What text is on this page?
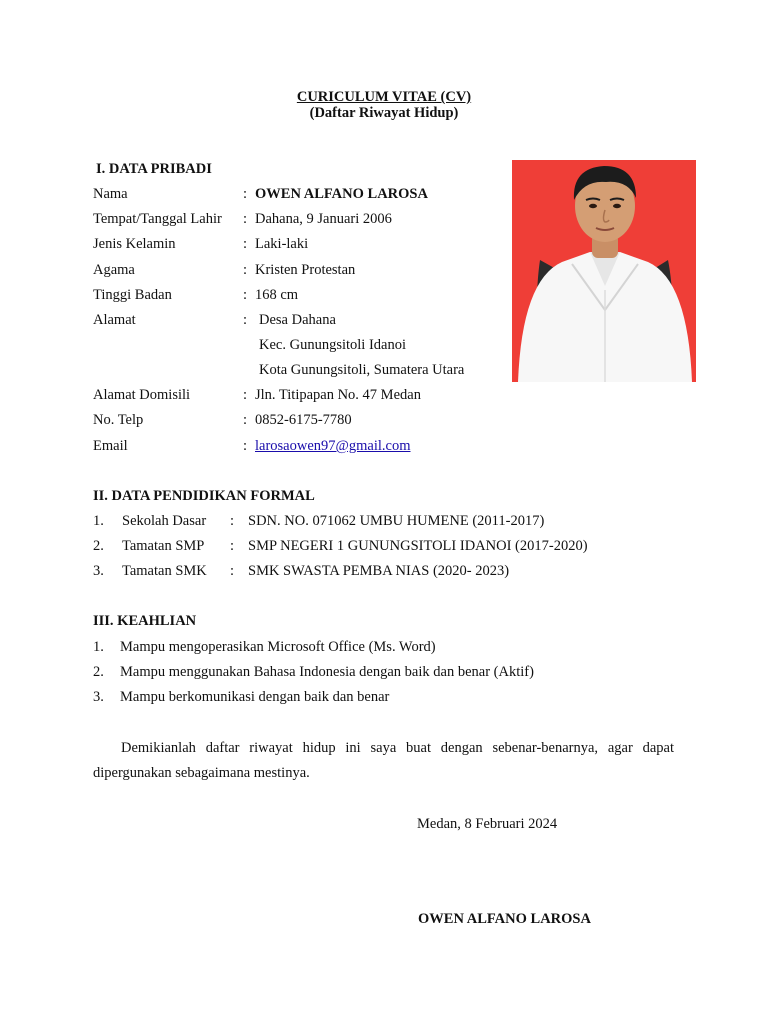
CURICULUM VITAE (CV)
(Daftar Riwayat Hidup)
I. DATA PRIBADI
Nama	: OWEN ALFANO LAROSA
Tempat/Tanggal Lahir : Dahana, 9 Januari 2006
Jenis Kelamin	: Laki-laki
Agama	: Kristen Protestan
Tinggi Badan	: 168 cm
Alamat	: Desa Dahana
Kec. Gunungsitoli Idanoi
Kota Gunungsitoli, Sumatera Utara
Alamat Domisili	: Jln. Titipapan No. 47 Medan
No. Telp	: 0852-6175-7780
Email	: larosaowen97@gmail.com
II. DATA PENDIDIKAN FORMAL
1. Sekolah Dasar : SDN. NO. 071062 UMBU HUMENE (2011-2017)
2. Tamatan SMP : SMP NEGERI 1 GUNUNGSITOLI IDANOI (2017-2020)
3. Tamatan SMK : SMK SWASTA PEMBA NIAS (2020- 2023)
III. KEAHLIAN
1. Mampu mengoperasikan Microsoft Office (Ms. Word)
2. Mampu menggunakan Bahasa Indonesia dengan baik dan benar (Aktif)
3. Mampu berkomunikasi dengan baik dan benar
Demikianlah daftar riwayat hidup ini saya buat dengan sebenar-benarnya, agar dapat
dipergunakan sebagaimana mestinya.
Medan, 8 Februari 2024
OWEN ALFANO LAROSA
